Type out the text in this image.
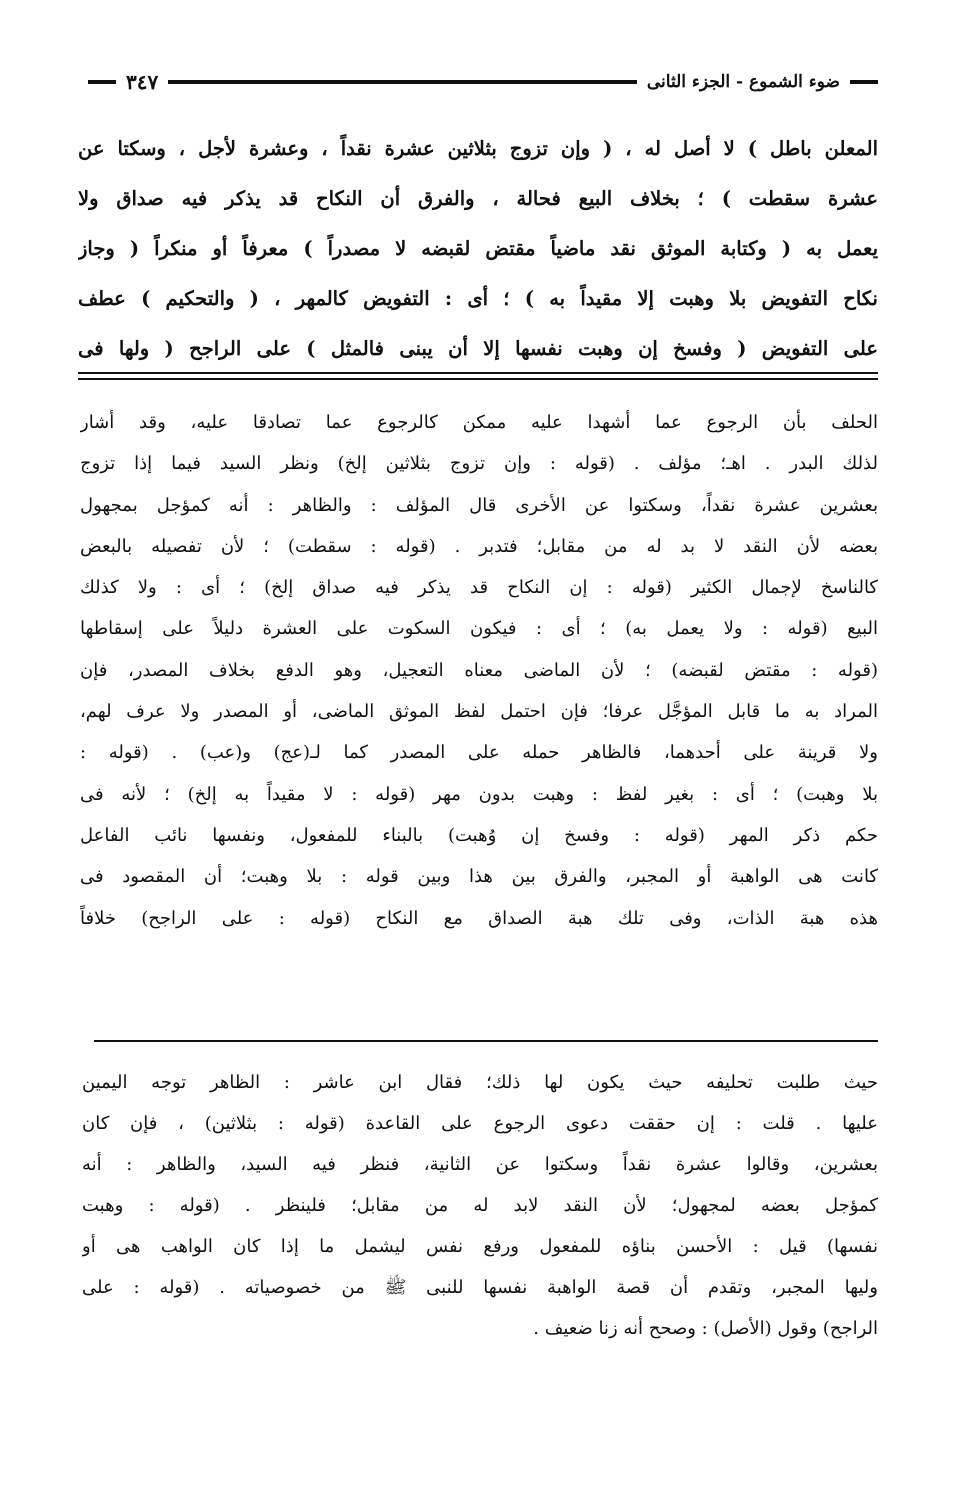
ضوء الشموع - الجزء الثانى
٣٤٧
المعلن باطل ) لا أصل له ، ( وإن تزوج بثلاثين عشرة نقداً ، وعشرة لأجل ، وسكتا عن
عشرة سقطت ) ؛ بخلاف البيع فحالة ، والفرق أن النكاح قد يذكر فيه صداق ولا
يعمل به ( وكتابة الموثق نقد ماضياً مقتض لقبضه لا مصدراً ) معرفاً أو منكراً ( وجاز
نكاح التفويض بلا وهبت إلا مقيداً به ) ؛ أى : التفويض كالمهر ، ( والتحكيم ) عطف
على التفويض ( وفسخ إن وهبت نفسها إلا أن يبنى فالمثل ) على الراجح ( ولها فى
الحلف بأن الرجوع عما أشهدا عليه ممكن كالرجوع عما تصادقا عليه، وقد أشار
لذلك البدر . اهـ؛ مؤلف . (قوله : وإن تزوج بثلاثين إلخ) ونظر السيد فيما إذا تزوج
بعشرين عشرة نقداً، وسكتوا عن الأخرى قال المؤلف : والظاهر : أنه كمؤجل بمجهول
بعضه لأن النقد لا بد له من مقابل؛ فتدبر . (قوله : سقطت) ؛ لأن تفصيله بالبعض
كالناسخ لإجمال الكثير (قوله : إن النكاح قد يذكر فيه صداق إلخ) ؛ أى : ولا كذلك
البيع (قوله : ولا يعمل به) ؛ أى : فيكون السكوت على العشرة دليلاً على إسقاطها
(قوله : مقتض لقبضه) ؛ لأن الماضى معناه التعجيل، وهو الدفع بخلاف المصدر، فإن
المراد به ما قابل المؤجَّل عرفا؛ فإن احتمل لفظ الموثق الماضى، أو المصدر ولا عرف لهم،
ولا قرينة على أحدهما، فالظاهر حمله على المصدر كما لـ(عج) و(عب) . (قوله :
بلا وهبت) ؛ أى : بغير لفظ : وهبت بدون مهر (قوله : لا مقيداً به إلخ) ؛ لأنه فى
حكم ذكر المهر (قوله : وفسخ إن وُهبت) بالبناء للمفعول، ونفسها نائب الفاعل
كانت هى الواهبة أو المجبر، والفرق بين هذا وبين قوله : بلا وهبت؛ أن المقصود فى
هذه هبة الذات، وفى تلك هبة الصداق مع النكاح (قوله : على الراجح) خلافاً
حيث طلبت تحليفه حيث يكون لها ذلك؛ فقال ابن عاشر : الظاهر توجه اليمين
عليها . قلت : إن حققت دعوى الرجوع على القاعدة (قوله : بثلاثين) ، فإن كان
بعشرين، وقالوا عشرة نقداً وسكتوا عن الثانية، فنظر فيه السيد، والظاهر : أنه
كمؤجل بعضه لمجهول؛ لأن النقد لابد له من مقابل؛ فلينظر . (قوله : وهبت
نفسها) قيل : الأحسن بناؤه للمفعول ورفع نفس ليشمل ما إذا كان الواهب هى أو
وليها المجبر، وتقدم أن قصة الواهبة نفسها للنبى ﷺ من خصوصياته . (قوله : على
الراجح) وقول (الأصل) : وصحح أنه زنا ضعيف .
